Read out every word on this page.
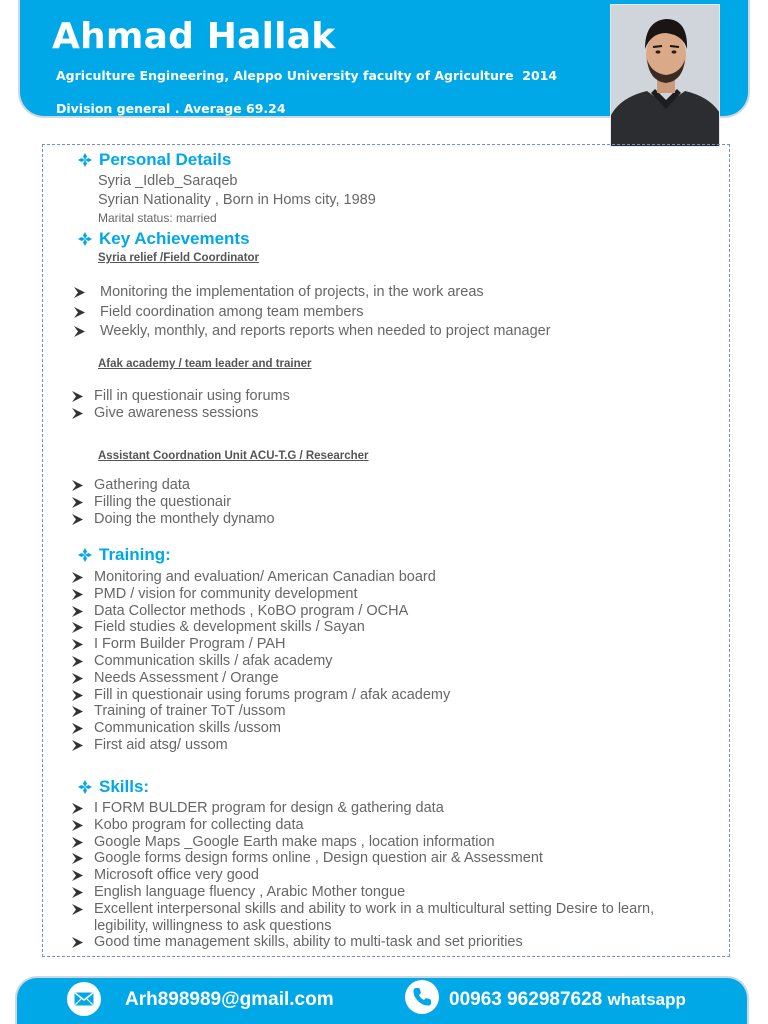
Ahmad Hallak
Agriculture Engineering, Aleppo University faculty of Agriculture  2014
Division general . Average 69.24
Personal Details
Syria _Idleb_Saraqeb
Syrian Nationality , Born in Homs city, 1989
Marital status: married
Key Achievements
Syria relief /Field Coordinator
Monitoring the implementation of projects, in the work areas
Field coordination among team members
Weekly, monthly, and reports reports when needed to project manager
Afak academy / team leader and trainer
Fill in questionair using forums
Give awareness sessions
Assistant Coordnation Unit ACU-T.G / Researcher
Gathering data
Filling the questionair
Doing the monthely dynamo
Training:
Monitoring and evaluation/ American Canadian board
PMD / vision for community development
Data Collector methods , KoBO program / OCHA
Field studies & development skills / Sayan
I Form Builder Program / PAH
Communication skills / afak academy
Needs Assessment / Orange
Fill in questionair using forums program / afak academy
Training of trainer ToT /ussom
Communication skills /ussom
First aid atsg/ ussom
Skills:
I FORM BULDER program for design & gathering data
Kobo program for collecting data
Google Maps _Google Earth make maps , location information
Google forms design forms online , Design question air & Assessment
Microsoft office very good
English language fluency , Arabic Mother tongue
Excellent interpersonal skills and ability to work in a multicultural setting Desire to learn,
legibility, willingness to ask questions
Good time management skills, ability to multi-task and set priorities
Arh898989@gmail.com	00963 962987628 whatsapp
